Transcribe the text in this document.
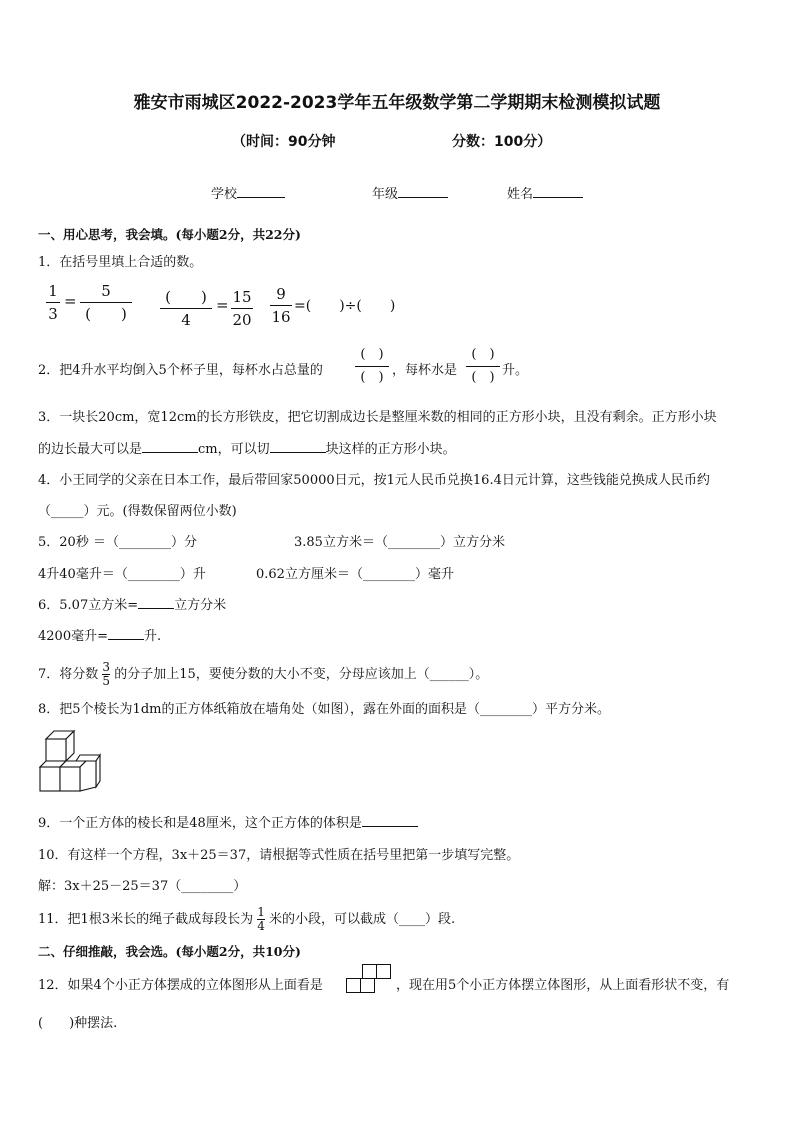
雅安市雨城区2022-2023学年五年级数学第二学期期末检测模拟试题
（时间：90分钟	分数：100分）
学校	年级	姓名
一、用心思考，我会填。(每小题2分，共22分)
1．在括号里填上合适的数。
1
3
=
5
(　　)
(　　)
4
= 15
20
9
16
=(　　)÷(　　)
2．把4升水平均倒入5个杯子里，每杯水占总量的
(　)
(　) ，每杯水是
(　)
(　) 升。
3．一块长20cm，宽12cm的长方形铁皮，把它切割成边长是整厘米数的相同的正方形小块，且没有剩余。正方形小块
的边长最大可以是	cm，可以切	块这样的正方形小块。
4．小王同学的父亲在日本工作，最后带回家50000日元，按1元人民币兑换16.4日元计算，这些钱能兑换成人民币约
（_____）元。(得数保留两位小数)
5．20秒 ＝（________）分	3.85立方米＝（________）立方分米
4升40毫升＝（________）升	0.62立方厘米＝（________）毫升
6．5.07立方米=	立方分米
4200毫升=	升.
7．将分数 $\frac{3}{5}$ 的分子加上15，要使分数的大小不变，分母应该加上（______）。
8．把5个棱长为1dm的正方体纸箱放在墙角处（如图），露在外面的面积是（________）平方分米。
9．一个正方体的棱长和是48厘米，这个正方体的体积是
10．有这样一个方程，3x＋25＝37，请根据等式性质在括号里把第一步填写完整。
解：3x＋25－25＝37（________）
11．把1根3米长的绳子截成每段长为 $\frac{1}{4}$ 米的小段，可以截成（____）段.
二、仔细推敲，我会选。(每小题2分，共10分)
12．如果4个小正方体摆成的立体图形从上面看是	，现在用5个小正方体摆立体图形，从上面看形状不变，有
(　　)种摆法.
